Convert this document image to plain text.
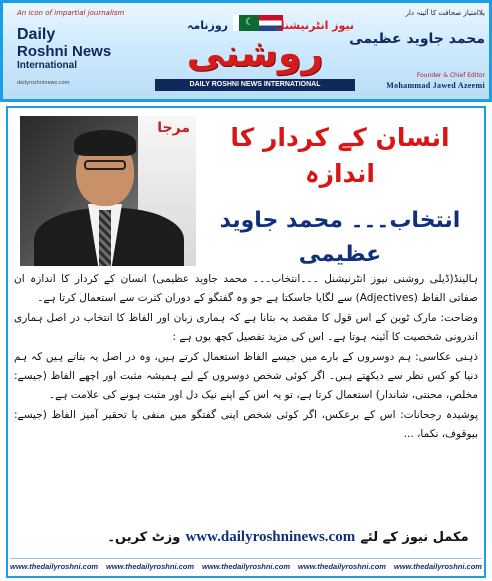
An icon of impartial journalism
Daily
Roshni News
International
dailyroshninews.com
روزنامہ ☾ نیوز انٹرنیشنل
روشنی
DAILY ROSHNI NEWS INTERNATIONAL
بلاامتیاز صحافت کا آئینہ دار
محمد جاوید عظیمی
Founder & Chief Editor
Mohammad Jawed Azeemi
مرجا	انسان کے کردار کا اندازہ
انتخاب۔۔۔ محمد جاوید عظیمی

ہالینڈ(ڈیلی روشنی نیوز انٹرنیشنل ۔۔۔انتخاب۔۔۔ محمد جاوید عظیمی) انسان کے کردار کا اندازہ ان صفاتی الفاظ (Adjectives) سے لگایا جاسکتا ہے جو وہ گفتگو کے دوران کثرت سے استعمال کرتا ہے۔

وضاحت: مارک ٹوین کے اس قول کا مقصد یہ بتانا ہے کہ ہماری زبان اور الفاظ کا انتخاب در اصل ہماری اندرونی شخصیت کا آئینہ ہوتا ہے۔ اس کی مزید تفصیل کچھ یوں ہے :

ذہنی عکاسی: ہم دوسروں کے بارے میں جیسے الفاظ استعمال کرتے ہیں، وہ در اصل یہ بتاتے ہیں کہ ہم دنیا کو کس نظر سے دیکھتے ہیں۔ اگر کوئی شخص دوسروں کے لیے ہمیشہ مثبت اور اچھے الفاظ (جیسے: مخلص، محنتی، شاندار) استعمال کرتا ہے، تو یہ اس کے اپنے نیک دل اور مثبت ہونے کی علامت ہے۔

پوشیدہ رجحانات: اس کے برعکس، اگر کوئی شخص اپنی گفتگو میں منفی یا تحقیر آمیز الفاظ (جیسے: بیوقوف، نکما، ...

مکمل نیوز کے لئے www.dailyroshninews.com وزٹ کریں۔
www.thedailyroshni.com www.thedailyroshni.com www.thedailyroshni.com www.thedailyroshni.com www.thedailyroshni.com
